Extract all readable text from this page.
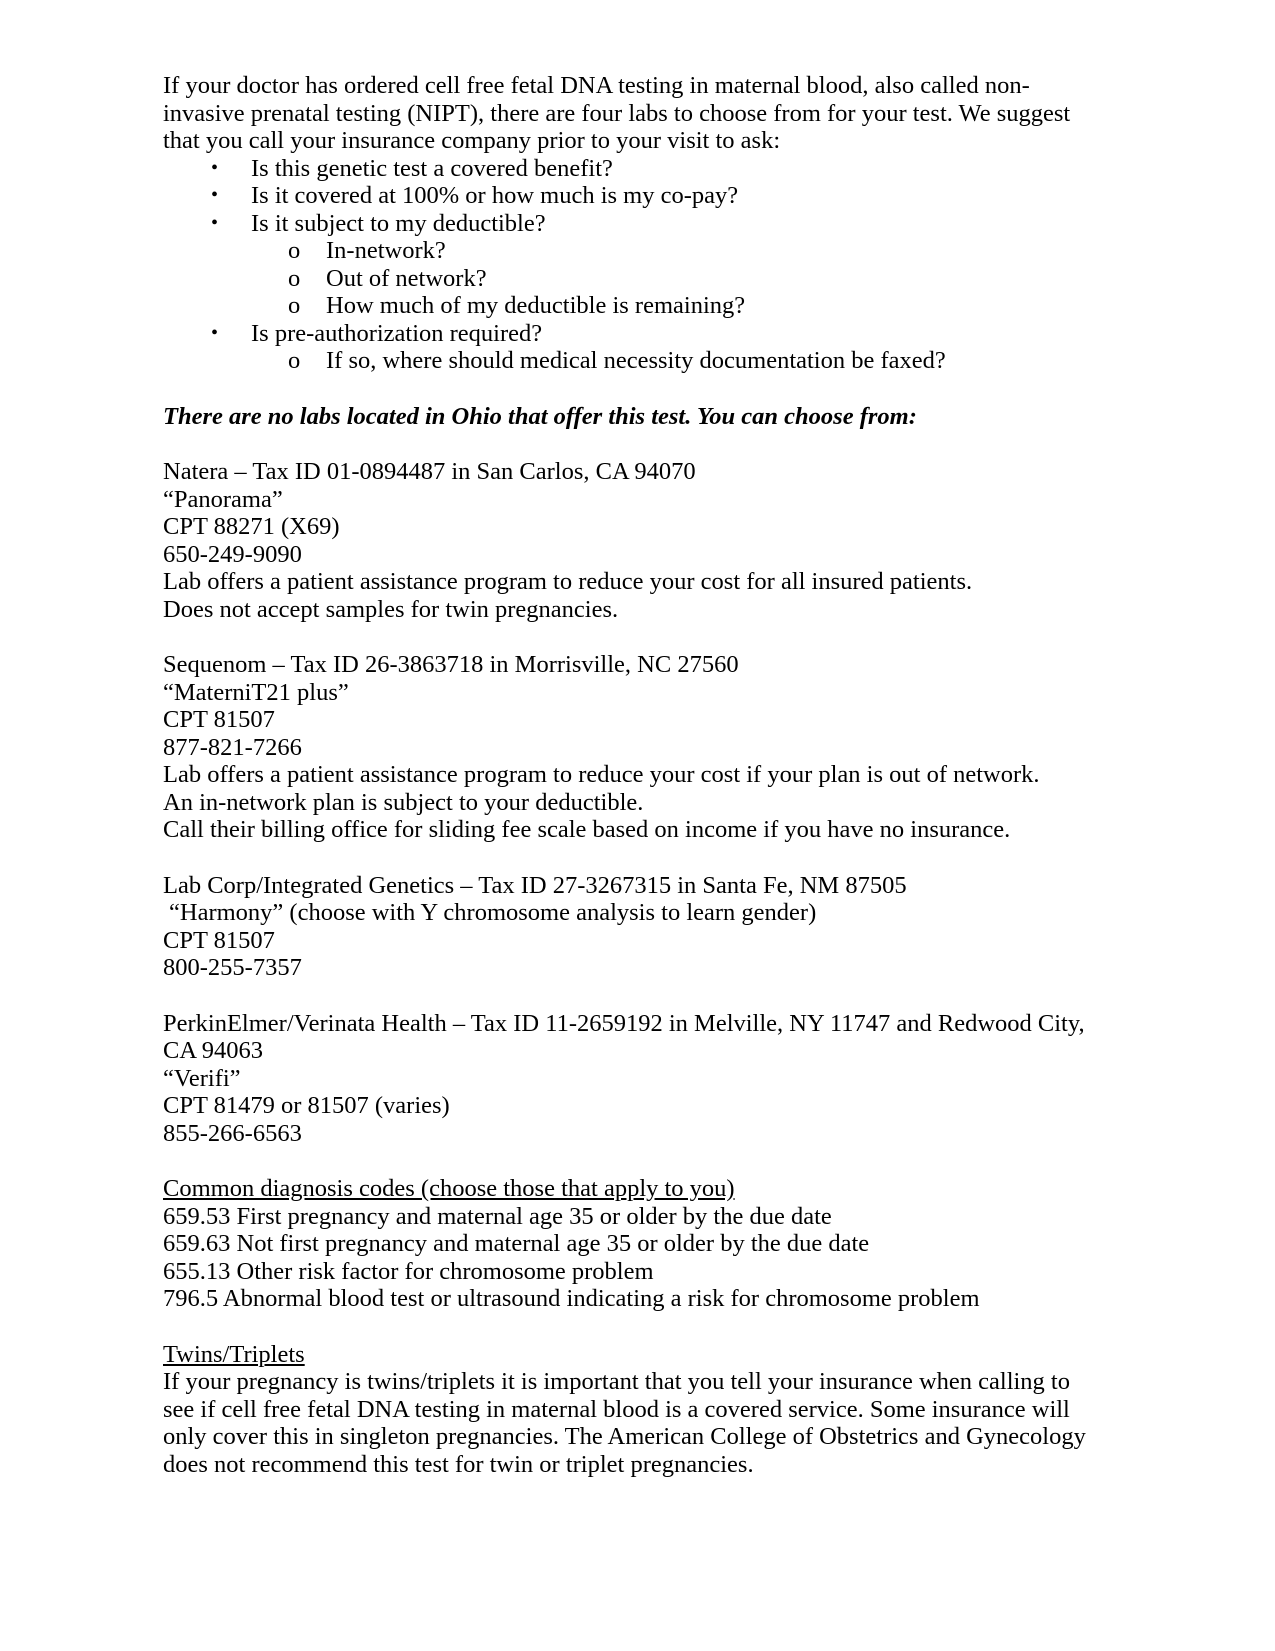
If your doctor has ordered cell free fetal DNA testing in maternal blood, also called non-invasive prenatal testing (NIPT), there are four labs to choose from for your test. We suggest that you call your insurance company prior to your visit to ask:

• Is this genetic test a covered benefit?
• Is it covered at 100% or how much is my co-pay?
• Is it subject to my deductible?
o In-network?
o Out of network?
o How much of my deductible is remaining?
• Is pre-authorization required?
o If so, where should medical necessity documentation be faxed?

There are no labs located in Ohio that offer this test. You can choose from:

Natera – Tax ID 01-0894487 in San Carlos, CA 94070
“Panorama”
CPT 88271 (X69)
650-249-9090
Lab offers a patient assistance program to reduce your cost for all insured patients.
Does not accept samples for twin pregnancies.
Sequenom – Tax ID 26-3863718 in Morrisville, NC 27560
“MaterniT21 plus”
CPT 81507
877-821-7266
Lab offers a patient assistance program to reduce your cost if your plan is out of network.
An in-network plan is subject to your deductible.
Call their billing office for sliding fee scale based on income if you have no insurance.
Lab Corp/Integrated Genetics – Tax ID 27-3267315 in Santa Fe, NM 87505
“Harmony” (choose with Y chromosome analysis to learn gender)
CPT 81507
800-255-7357
PerkinElmer/Verinata Health – Tax ID 11-2659192 in Melville, NY 11747 and Redwood City, CA 94063
“Verifi”
CPT 81479 or 81507 (varies)
855-266-6563
Common diagnosis codes (choose those that apply to you)
659.53 First pregnancy and maternal age 35 or older by the due date
659.63 Not first pregnancy and maternal age 35 or older by the due date
655.13 Other risk factor for chromosome problem
796.5 Abnormal blood test or ultrasound indicating a risk for chromosome problem
Twins/Triplets

If your pregnancy is twins/triplets it is important that you tell your insurance when calling to see if cell free fetal DNA testing in maternal blood is a covered service. Some insurance will only cover this in singleton pregnancies. The American College of Obstetrics and Gynecology does not recommend this test for twin or triplet pregnancies.
